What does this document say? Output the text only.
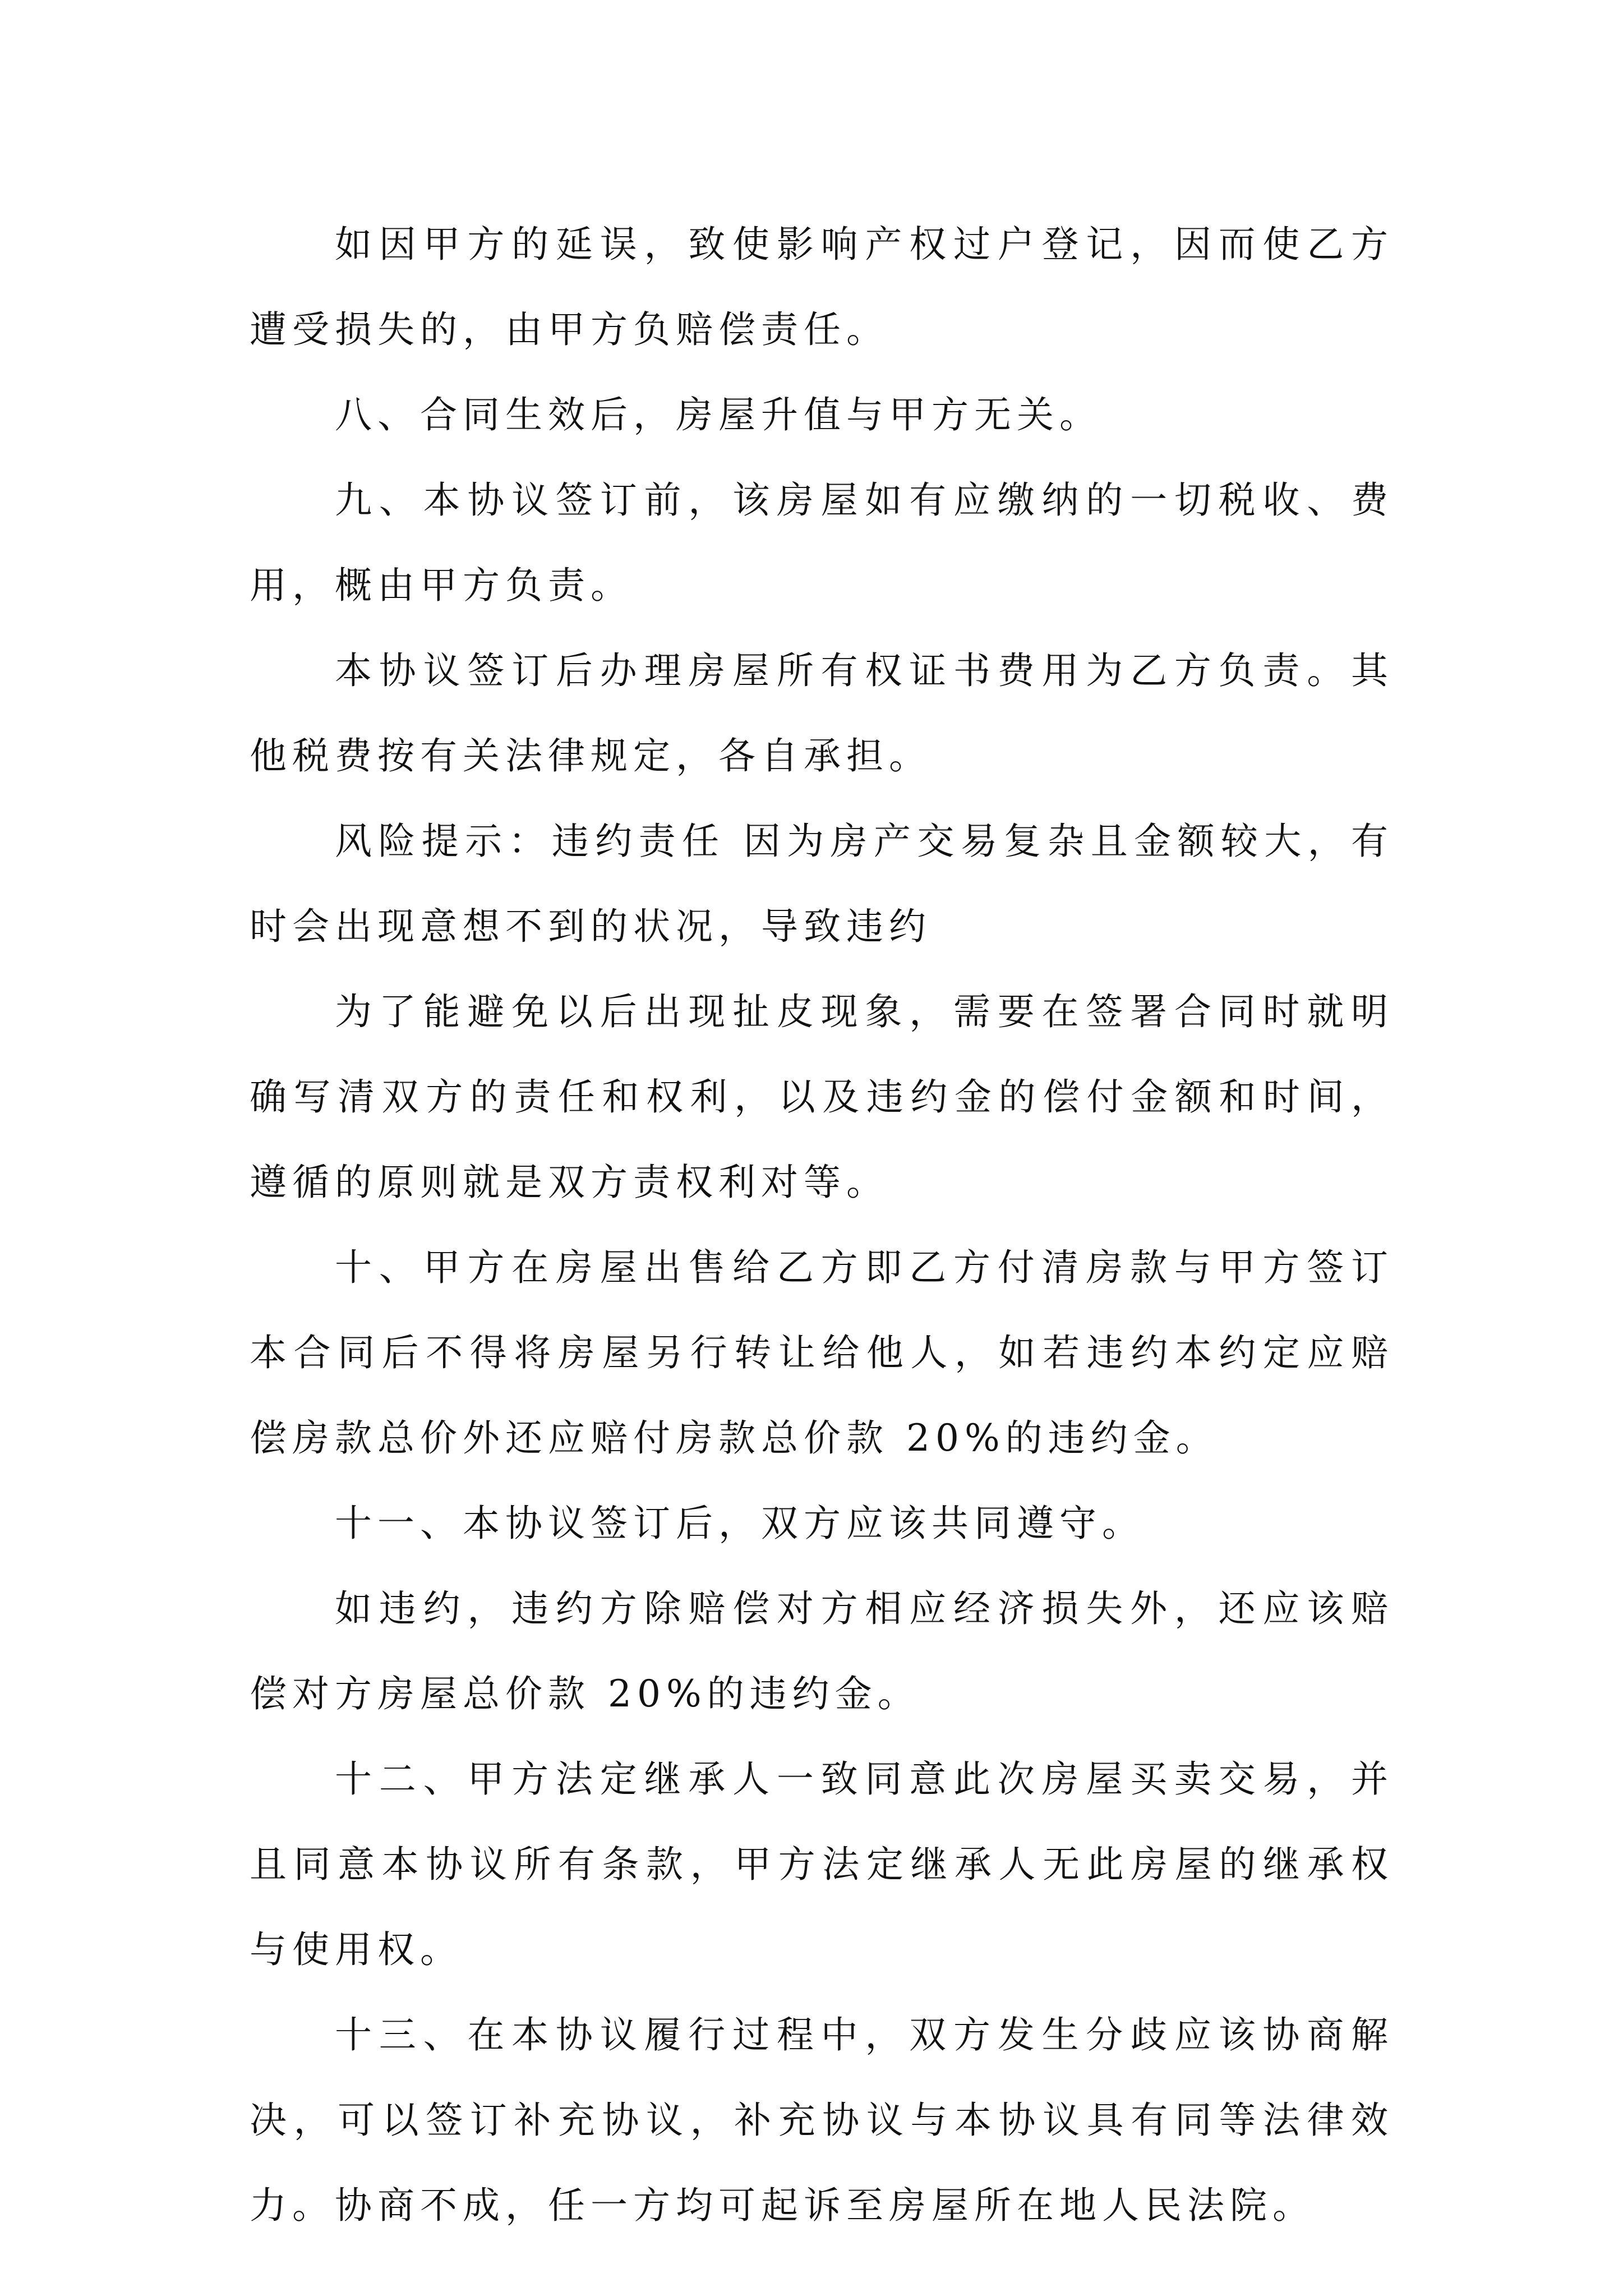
如因甲方的延误，致使影响产权过户登记，因而使乙方遭受损失的，由甲方负赔偿责任。

八、合同生效后，房屋升值与甲方无关。

九、本协议签订前，该房屋如有应缴纳的一切税收、费用，概由甲方负责。

本协议签订后办理房屋所有权证书费用为乙方负责。其他税费按有关法律规定，各自承担。

风险提示：违约责任 因为房产交易复杂且金额较大，有时会出现意想不到的状况，导致违约

为了能避免以后出现扯皮现象，需要在签署合同时就明确写清双方的责任和权利，以及违约金的偿付金额和时间，遵循的原则就是双方责权利对等。

十、甲方在房屋出售给乙方即乙方付清房款与甲方签订本合同后不得将房屋另行转让给他人，如若违约本约定应赔偿房款总价外还应赔付房款总价款 20%的违约金。

十一、本协议签订后，双方应该共同遵守。

如违约，违约方除赔偿对方相应经济损失外，还应该赔偿对方房屋总价款 20%的违约金。

十二、甲方法定继承人一致同意此次房屋买卖交易，并且同意本协议所有条款，甲方法定继承人无此房屋的继承权与使用权。

十三、在本协议履行过程中，双方发生分歧应该协商解决，可以签订补充协议，补充协议与本协议具有同等法律效力。协商不成，任一方均可起诉至房屋所在地人民法院。
